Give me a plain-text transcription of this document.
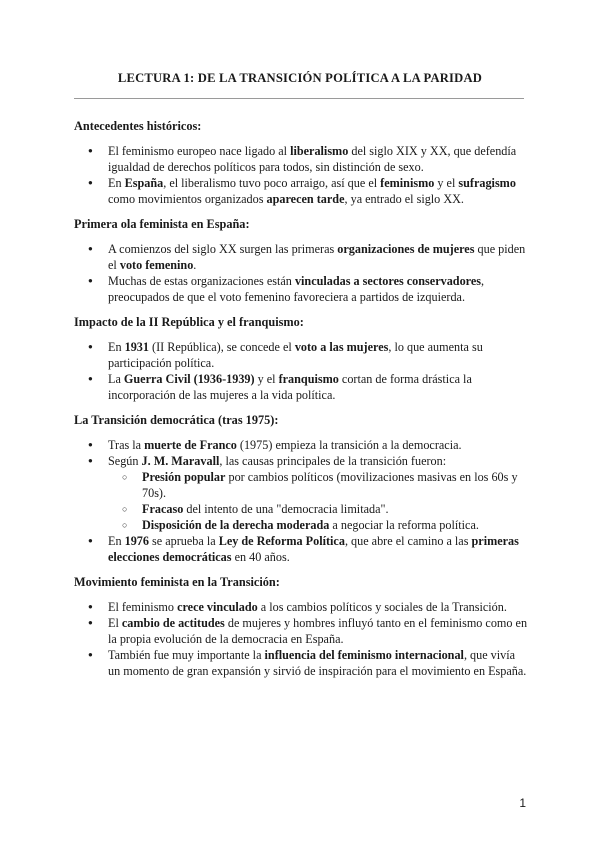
LECTURA 1: DE LA TRANSICIÓN POLÍTICA A LA PARIDAD
Antecedentes históricos:
● El feminismo europeo nace ligado al liberalismo del siglo XIX y XX, que defendía igualdad de derechos políticos para todos, sin distinción de sexo.
● En España, el liberalismo tuvo poco arraigo, así que el feminismo y el sufragismo como movimientos organizados aparecen tarde, ya entrado el siglo XX.
Primera ola feminista en España:
● A comienzos del siglo XX surgen las primeras organizaciones de mujeres que piden el voto femenino.
● Muchas de estas organizaciones están vinculadas a sectores conservadores, preocupados de que el voto femenino favoreciera a partidos de izquierda.
Impacto de la II República y el franquismo:
● En 1931 (II República), se concede el voto a las mujeres, lo que aumenta su participación política.
● La Guerra Civil (1936-1939) y el franquismo cortan de forma drástica la incorporación de las mujeres a la vida política.
La Transición democrática (tras 1975):
● Tras la muerte de Franco (1975) empieza la transición a la democracia.
● Según J. M. Maravall, las causas principales de la transición fueron:
○ Presión popular por cambios políticos (movilizaciones masivas en los 60s y 70s).
○ Fracaso del intento de una "democracia limitada".
○ Disposición de la derecha moderada a negociar la reforma política.
● En 1976 se aprueba la Ley de Reforma Política, que abre el camino a las primeras elecciones democráticas en 40 años.
Movimiento feminista en la Transición:
● El feminismo crece vinculado a los cambios políticos y sociales de la Transición.
● El cambio de actitudes de mujeres y hombres influyó tanto en el feminismo como en la propia evolución de la democracia en España.
● También fue muy importante la influencia del feminismo internacional, que vivía un momento de gran expansión y sirvió de inspiración para el movimiento en España.
1
